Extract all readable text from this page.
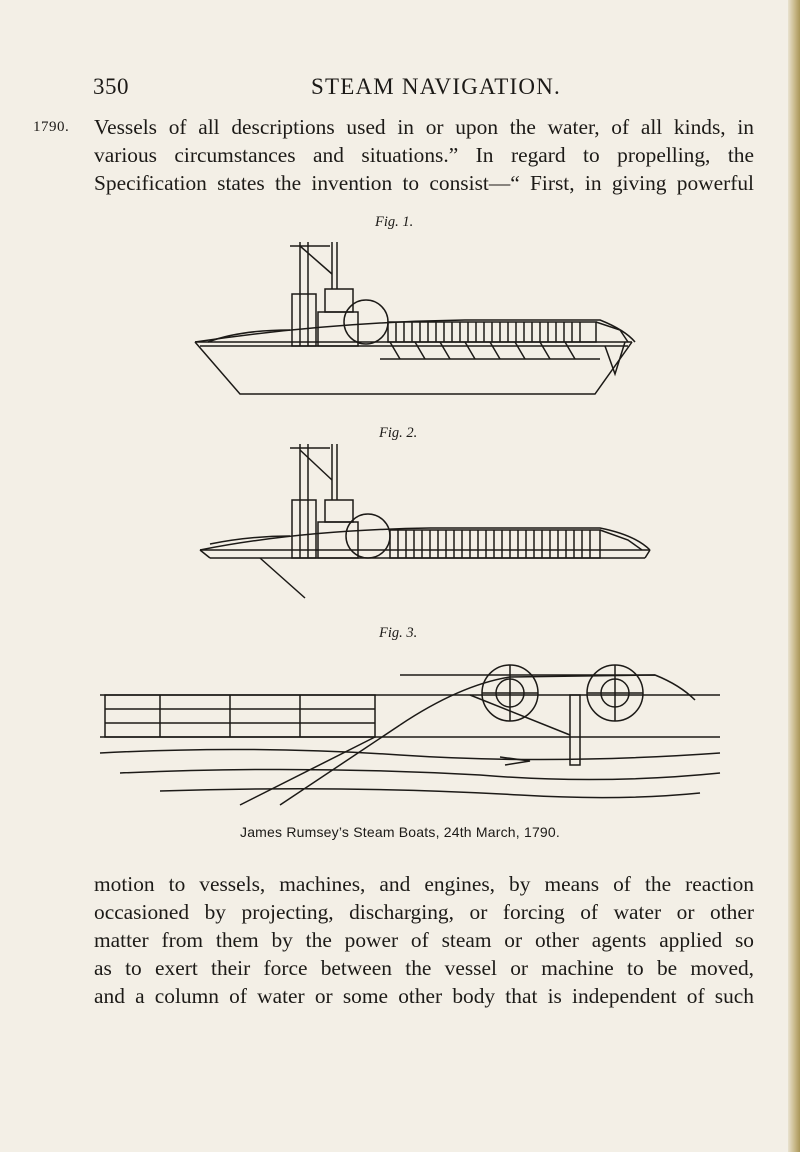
350	STEAM NAVIGATION.
1790. Vessels of all descriptions used in or upon the water, of all kinds, in

various circumstances and situations.” In regard to propelling, the

Specification states the invention to consist—“ First, in giving powerful

Fig. 1.
Fig. 2.
Fig. 3.
James Rumsey’s Steam Boats, 24th March, 1790.

motion to vessels, machines, and engines, by means of the reaction

occasioned by projecting, discharging, or forcing of water or other

matter from them by the power of steam or other agents applied so

as to exert their force between the vessel or machine to be moved,

and a column of water or some other body that is independent of such
